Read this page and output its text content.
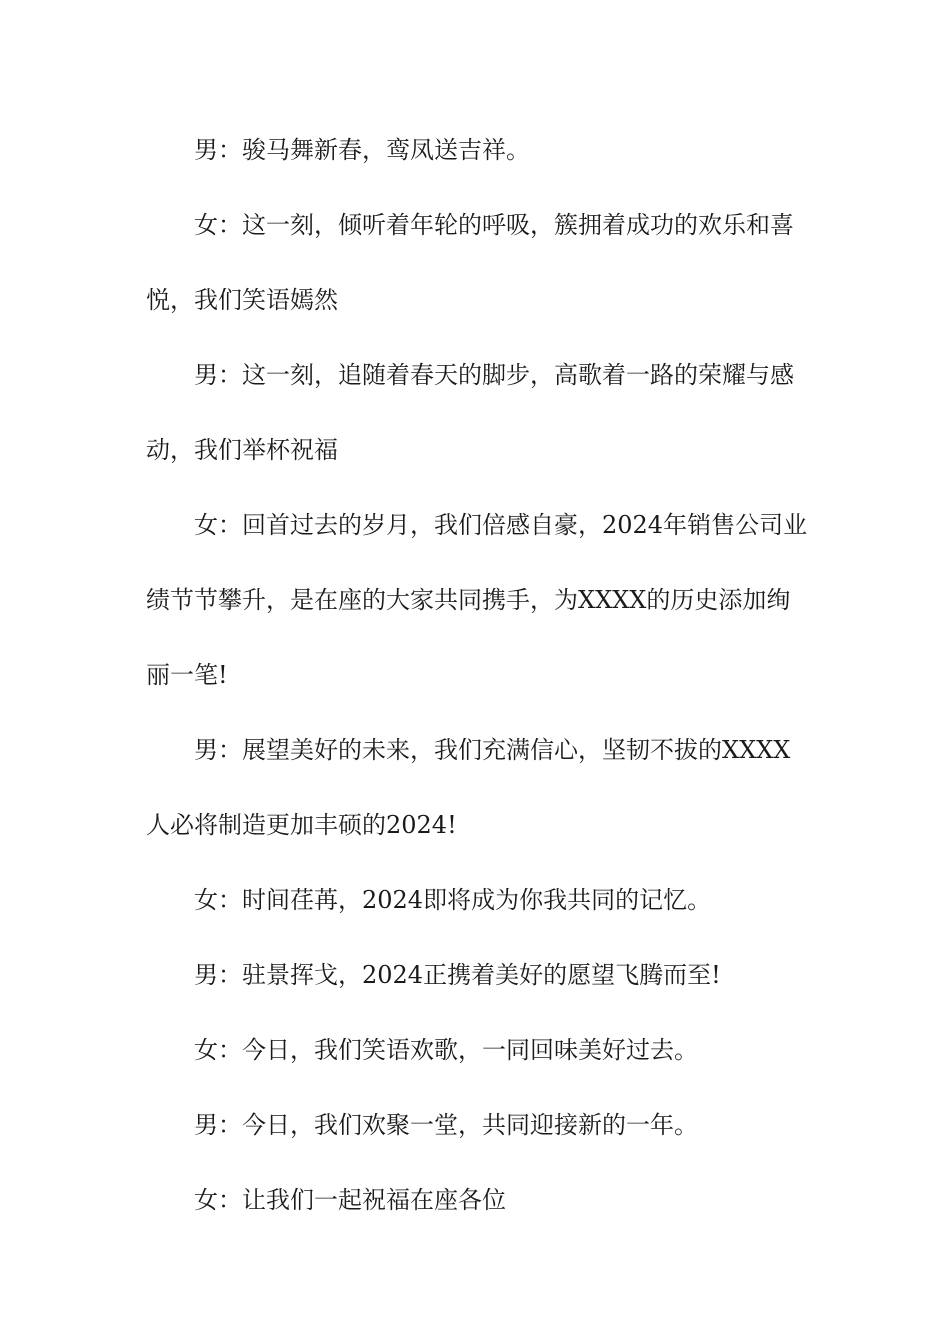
男：骏马舞新春，鸾凤送吉祥。

女：这一刻，倾听着年轮的呼吸，簇拥着成功的欢乐和喜悦，我们笑语嫣然

男：这一刻，追随着春天的脚步，高歌着一路的荣耀与感动，我们举杯祝福

女：回首过去的岁月，我们倍感自豪，2024年销售公司业绩节节攀升，是在座的大家共同携手，为XXXX的历史添加绚丽一笔!

男：展望美好的未来，我们充满信心，坚韧不拔的XXXX人必将制造更加丰硕的2024!

女：时间荏苒，2024即将成为你我共同的记忆。

男：驻景挥戈，2024正携着美好的愿望飞腾而至!

女：今日，我们笑语欢歌，一同回味美好过去。

男：今日，我们欢聚一堂，共同迎接新的一年。

女：让我们一起祝福在座各位
